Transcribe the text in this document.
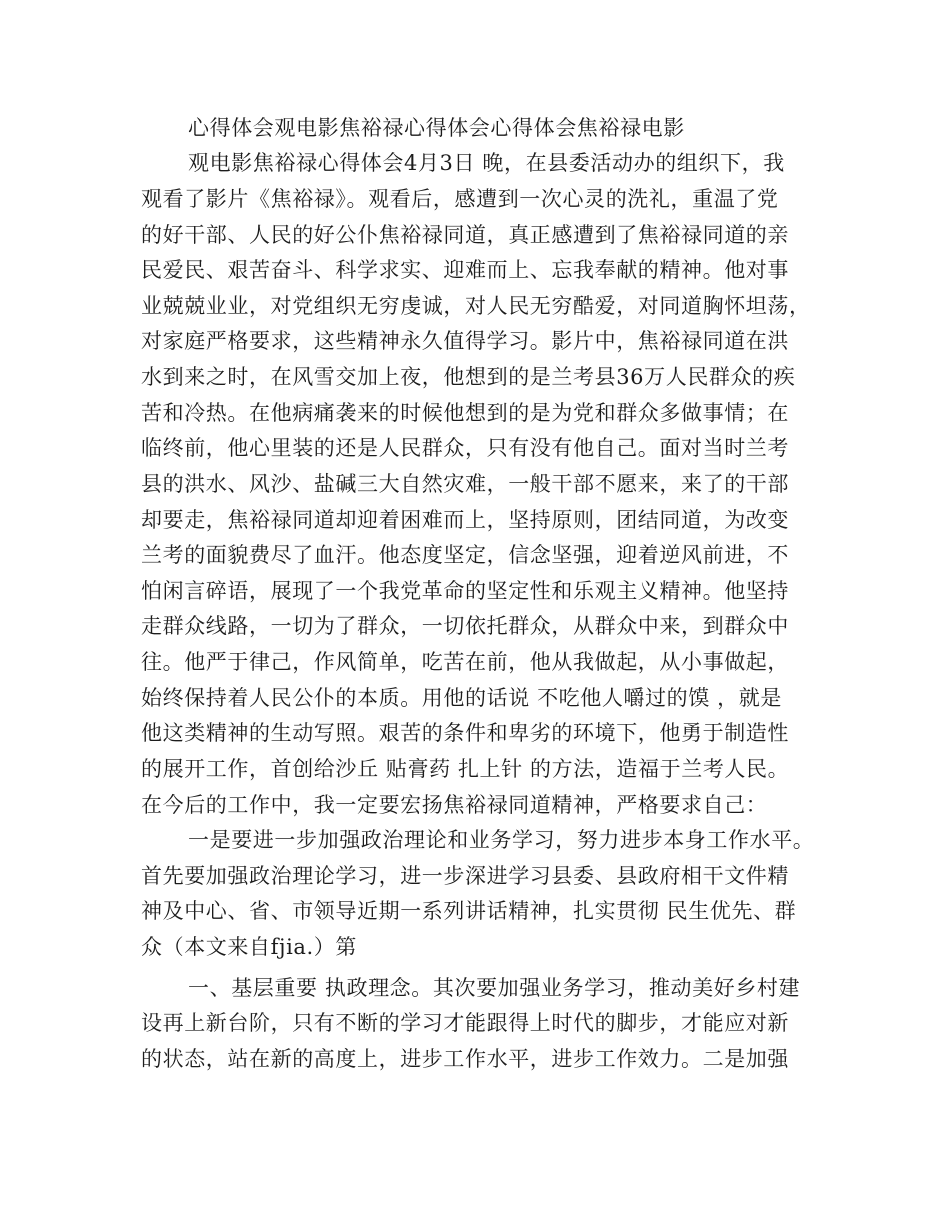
心得体会观电影焦裕禄心得体会心得体会焦裕禄电影
观电影焦裕禄心得体会4月3日 晚，在县委活动办的组织下，我
观看了影片《焦裕禄》。观看后，感遭到一次心灵的洗礼，重温了党
的好干部、人民的好公仆焦裕禄同道，真正感遭到了焦裕禄同道的亲
民爱民、艰苦奋斗、科学求实、迎难而上、忘我奉献的精神。他对事
业兢兢业业，对党组织无穷虔诚，对人民无穷酷爱，对同道胸怀坦荡，
对家庭严格要求，这些精神永久值得学习。影片中，焦裕禄同道在洪
水到来之时，在风雪交加上夜，他想到的是兰考县36万人民群众的疾
苦和冷热。在他病痛袭来的时候他想到的是为党和群众多做事情；在
临终前，他心里装的还是人民群众，只有没有他自己。面对当时兰考
县的洪水、风沙、盐碱三大自然灾难，一般干部不愿来，来了的干部
却要走，焦裕禄同道却迎着困难而上，坚持原则，团结同道，为改变
兰考的面貌费尽了血汗。他态度坚定，信念坚强，迎着逆风前进，不
怕闲言碎语，展现了一个我党革命的坚定性和乐观主义精神。他坚持
走群众线路，一切为了群众，一切依托群众，从群众中来，到群众中
往。他严于律己，作风简单，吃苦在前，他从我做起，从小事做起，
始终保持着人民公仆的本质。用他的话说 不吃他人嚼过的馍 ，就是
他这类精神的生动写照。艰苦的条件和卑劣的环境下，他勇于制造性
的展开工作，首创给沙丘 贴膏药 扎上针 的方法，造福于兰考人民。
在今后的工作中，我一定要宏扬焦裕禄同道精神，严格要求自己：
一是要进一步加强政治理论和业务学习，努力进步本身工作水平。
首先要加强政治理论学习，进一步深进学习县委、县政府相干文件精
神及中心、省、市领导近期一系列讲话精神，扎实贯彻 民生优先、群
众（本文来自fjia.）第
一、基层重要 执政理念。其次要加强业务学习，推动美好乡村建
设再上新台阶，只有不断的学习才能跟得上时代的脚步，才能应对新
的状态，站在新的高度上，进步工作水平，进步工作效力。二是加强
